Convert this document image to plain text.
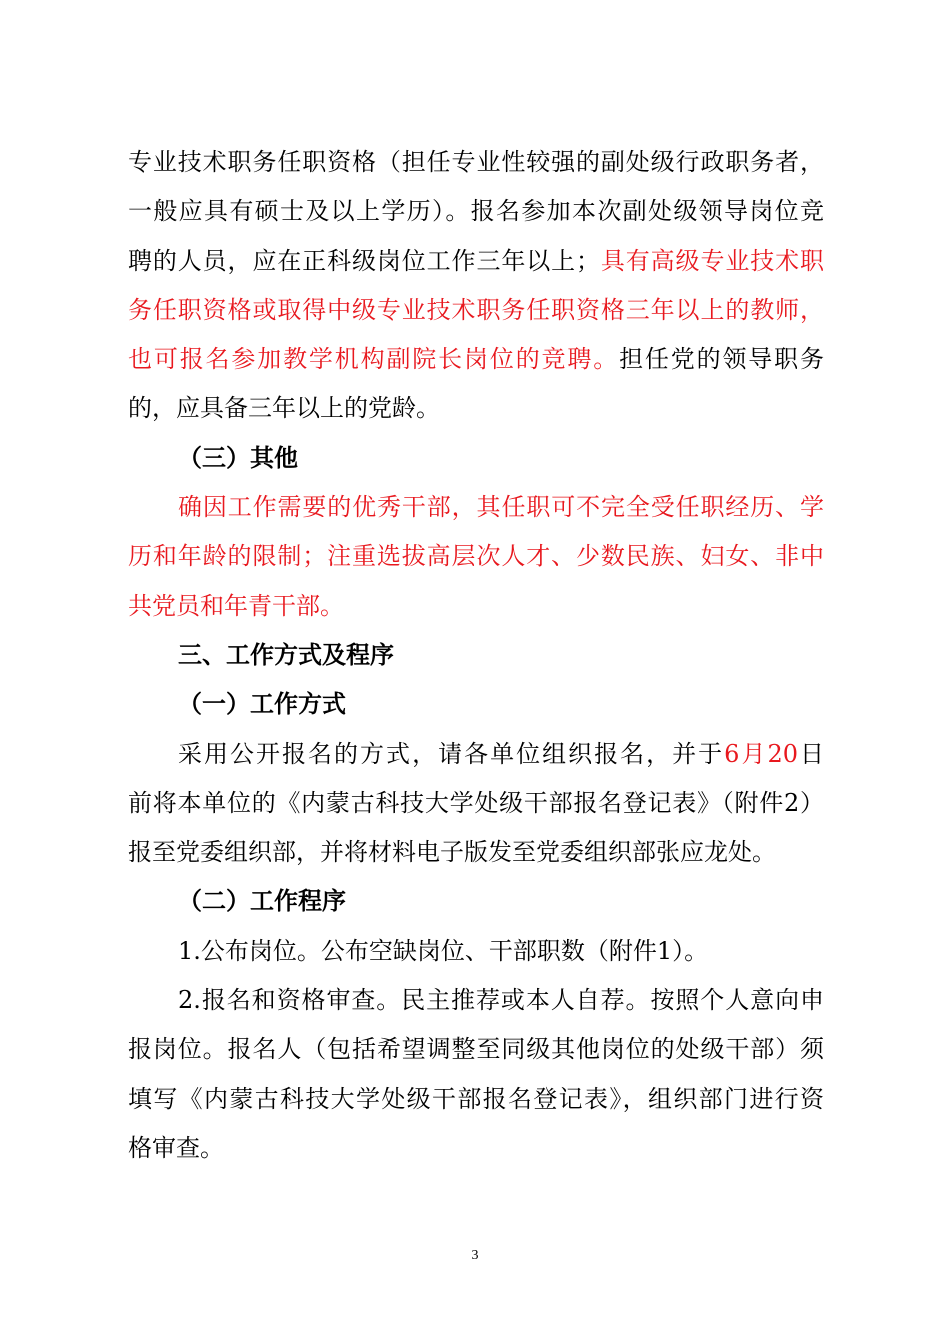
专业技术职务任职资格（担任专业性较强的副处级行政职务者，
一般应具有硕士及以上学历）。报名参加本次副处级领导岗位竞
聘的人员，应在正科级岗位工作三年以上；具有高级专业技术职
务任职资格或取得中级专业技术职务任职资格三年以上的教师，
也可报名参加教学机构副院长岗位的竞聘。担任党的领导职务
的，应具备三年以上的党龄。
（三）其他
确因工作需要的优秀干部，其任职可不完全受任职经历、学
历和年龄的限制；注重选拔高层次人才、少数民族、妇女、非中
共党员和年青干部。
三、工作方式及程序
（一）工作方式
采用公开报名的方式，请各单位组织报名，并于6月20日
前将本单位的《内蒙古科技大学处级干部报名登记表》（附件2）
报至党委组织部，并将材料电子版发至党委组织部张应龙处。
（二）工作程序
1.公布岗位。公布空缺岗位、干部职数（附件1）。
2.报名和资格审查。民主推荐或本人自荐。按照个人意向申
报岗位。报名人（包括希望调整至同级其他岗位的处级干部）须
填写《内蒙古科技大学处级干部报名登记表》，组织部门进行资
格审查。
3
